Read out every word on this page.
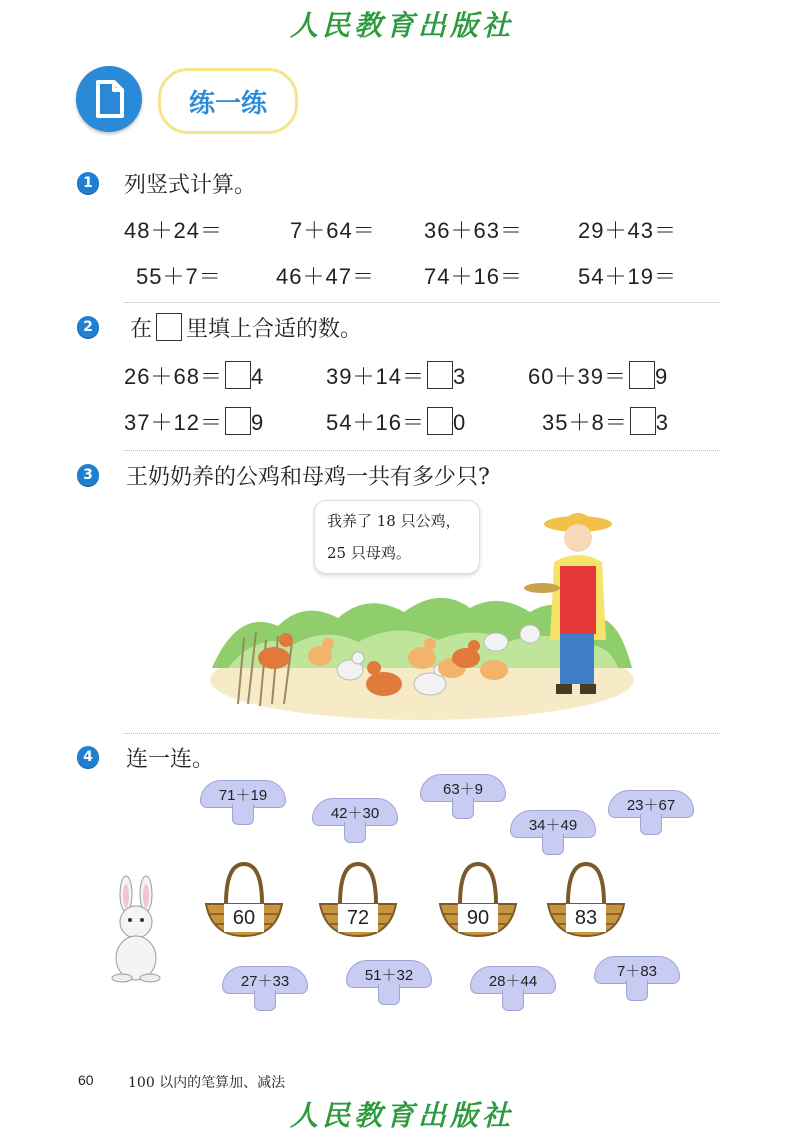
人民教育出版社
练一练
1 列竖式计算。
48＋24＝	7＋64＝ 36＋63＝	29＋43＝
55＋7＝ 46＋47＝ 74＋16＝	54＋19＝
2 在 里填上合适的数。
26＋68＝ 4	39＋14＝ 3	60＋39＝ 9
37＋12＝ 9	54＋16＝ 0	35＋8＝ 3
3 王奶奶养的公鸡和母鸡一共有多少只?
我养了 18 只公鸡，
25 只母鸡。
4 连一连。
71＋19
42＋30
63＋9
34＋49
23＋67
60	72	90	83
27＋33	51＋32	28＋44
7＋83
60 100 以内的笔算加、减法
人民教育出版社
